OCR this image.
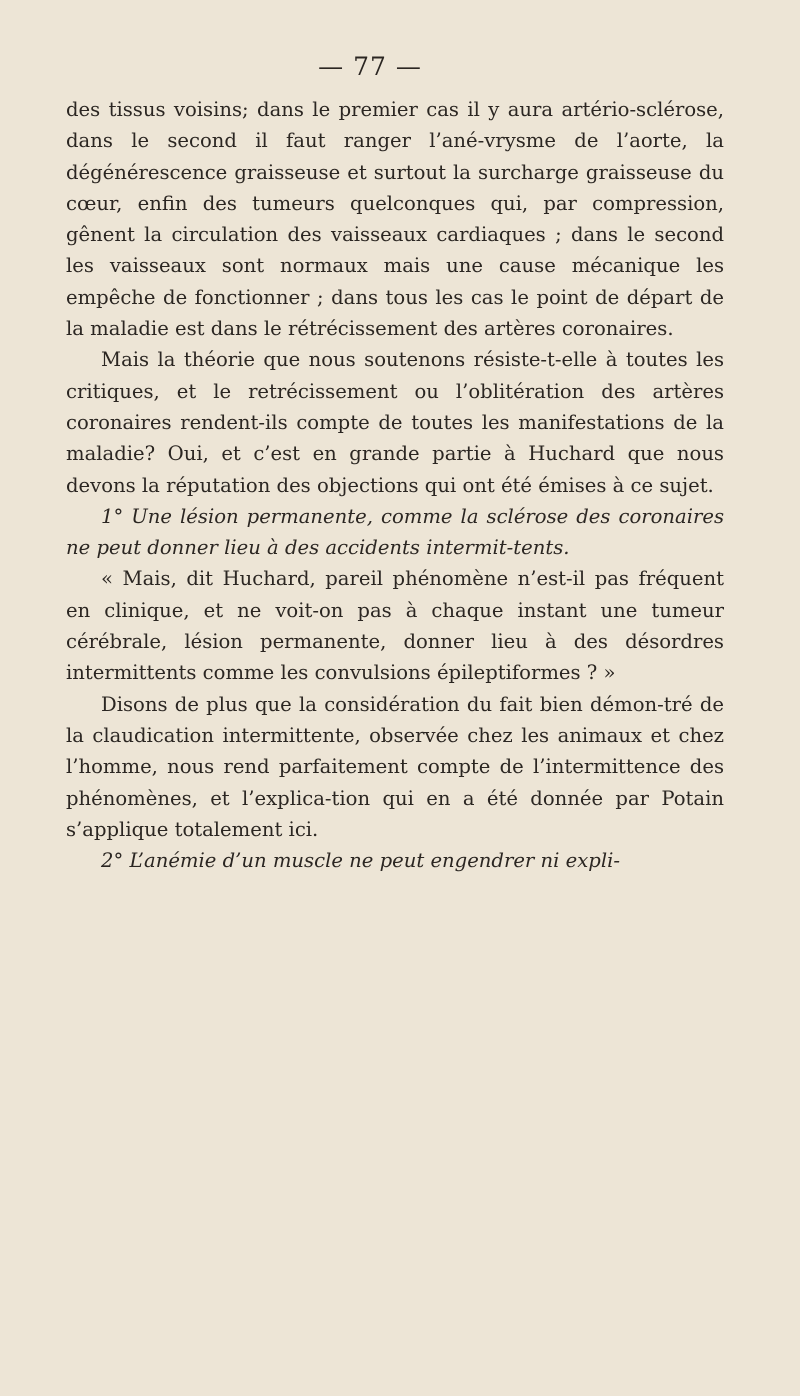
— 77 —

des tissus voisins; dans le premier cas il y aura artério-sclérose, dans le second il faut ranger l’ané-vrysme de l’aorte, la dégénérescence graisseuse et surtout la surcharge graisseuse du cœur, enfin des tumeurs quelconques qui, par compression, gênent la circulation des vaisseaux cardiaques ; dans le second les vaisseaux sont normaux mais une cause mécanique les empêche de fonctionner ; dans tous les cas le point de départ de la maladie est dans le rétrécissement des artères coronaires.

Mais la théorie que nous soutenons résiste-t-elle à toutes les critiques, et le retrécissement ou l’oblitération des artères coronaires rendent-ils compte de toutes les manifestations de la maladie? Oui, et c’est en grande partie à Huchard que nous devons la réputation des objections qui ont été émises à ce sujet.

1° Une lésion permanente, comme la sclérose des coronaires ne peut donner lieu à des accidents intermit-tents.

« Mais, dit Huchard, pareil phénomène n’est-il pas fréquent en clinique, et ne voit-on pas à chaque instant une tumeur cérébrale, lésion permanente, donner lieu à des désordres intermittents comme les convulsions épileptiformes ? »

Disons de plus que la considération du fait bien démon-tré de la claudication intermittente, observée chez les animaux et chez l’homme, nous rend parfaitement compte de l’intermittence des phénomènes, et l’explica-tion qui en a été donnée par Potain s’applique totalement ici.

2° L’anémie d’un muscle ne peut engendrer ni expli-
